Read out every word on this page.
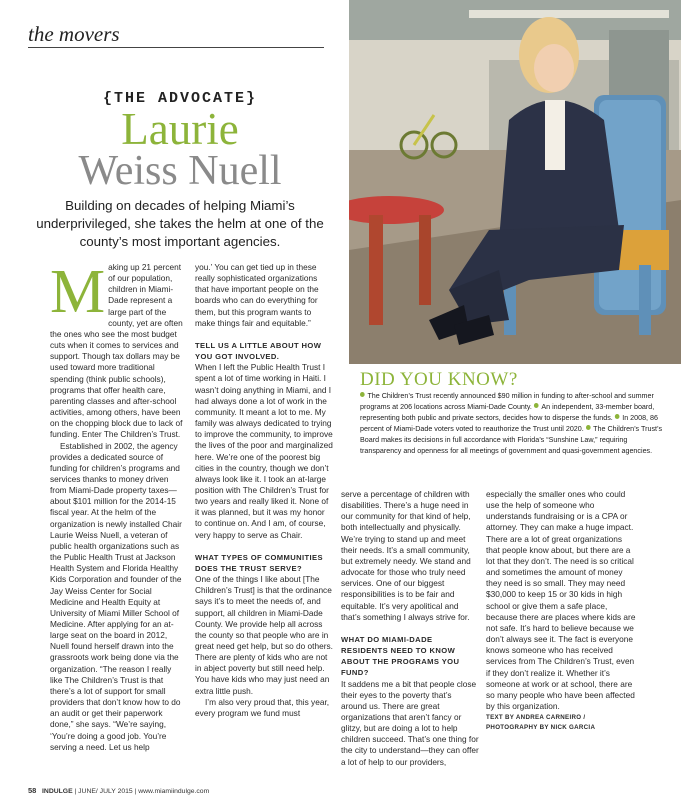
the movers
{THE ADVOCATE}
Laurie
Weiss Nuell
Building on decades of helping Miami’s underprivileged, she takes the helm at one of the county’s most important agencies.
DID YOU KNOW?
The Children’s Trust recently announced $90 million in funding to after-school and summer programs at 206 locations across Miami-Dade County. An independent, 33-member board, representing both public and private sectors, decides how to disperse the funds. In 2008, 86 percent of Miami-Dade voters voted to reauthorize the Trust until 2020. The Children’s Trust’s Board makes its decisions in full accordance with Florida’s “Sunshine Law,” requiring transparency and openness for all meetings of government and quasi-government agencies.

Making up 21 percent of our population, children in Miami-Dade represent a large part of the county, yet are often the ones who see the most budget cuts when it comes to services and support. Though tax dollars may be used toward more traditional spending (think public schools), programs that offer health care, parenting classes and after-school activities, among others, have been on the chopping block due to lack of funding. Enter The Children’s Trust.

Established in 2002, the agency provides a dedicated source of funding for children’s programs and services thanks to money driven from Miami-Dade property taxes—about $101 million for the 2014-15 fiscal year. At the helm of the organization is newly installed Chair Laurie Weiss Nuell, a veteran of public health organizations such as the Public Health Trust at Jackson Health System and Florida Healthy Kids Corporation and founder of the Jay Weiss Center for Social Medicine and Health Equity at University of Miami Miller School of Medicine. After applying for an at-large seat on the board in 2012, Nuell found herself drawn into the grassroots work being done via the organization. “The reason I really like The Children’s Trust is that there’s a lot of support for small providers that don’t know how to do an audit or get their paperwork done,” she says. “We’re saying, ‘You’re doing a good job. You’re serving a need. Let us help

you.’ You can get tied up in these really sophisticated organizations that have important people on the boards who can do everything for them, but this program wants to make things fair and equitable.”

TELL US A LITTLE ABOUT HOW YOU GOT INVOLVED.

When I left the Public Health Trust I spent a lot of time working in Haiti. I wasn’t doing anything in Miami, and I had always done a lot of work in the community. It meant a lot to me. My family was always dedicated to trying to improve the community, to improve the lives of the poor and marginalized here. We’re one of the poorest big cities in the country, though we don’t always look like it. I took an at-large position with The Children’s Trust for two years and really liked it. None of it was planned, but it was my honor to continue on. And I am, of course, very happy to serve as Chair.

WHAT TYPES OF COMMUNITIES DOES THE TRUST SERVE?

One of the things I like about [The Children’s Trust] is that the ordinance says it’s to meet the needs of, and support, all children in Miami-Dade County. We provide help all across the county so that people who are in great need get help, but so do others. There are plenty of kids who are not in abject poverty but still need help. You have kids who may just need an extra little push.

I’m also very proud that, this year, every program we fund must

serve a percentage of children with disabilities. There’s a huge need in our community for that kind of help, both intellectually and physically. We’re trying to stand up and meet their needs. It’s a small community, but extremely needy. We stand and advocate for those who truly need services. One of our biggest responsibilities is to be fair and equitable. It’s very apolitical and that’s something I always strive for.

WHAT DO MIAMI-DADE RESIDENTS NEED TO KNOW ABOUT THE PROGRAMS YOU FUND?

It saddens me a bit that people close their eyes to the poverty that’s around us. There are great organizations that aren’t fancy or glitzy, but are doing a lot to help children succeed. That’s one thing for the city to understand—they can offer a lot of help to our providers,

especially the smaller ones who could use the help of someone who understands fundraising or is a CPA or attorney. They can make a huge impact. There are a lot of great organizations that people know about, but there are a lot that they don’t. The need is so critical and sometimes the amount of money they need is so small. They may need $30,000 to keep 15 or 30 kids in high school or give them a safe place, because there are places where kids are not safe. It’s hard to believe because we don’t always see it. The fact is everyone knows someone who has received services from The Children’s Trust, even if they don’t realize it. Whether it’s someone at work or at school, there are so many people who have been affected by this organization.

TEXT BY ANDREA CARNEIRO /

PHOTOGRAPHY BY NICK GARCIA

58 INDULGE | JUNE/ JULY 2015 | www.miamiindulge.com
